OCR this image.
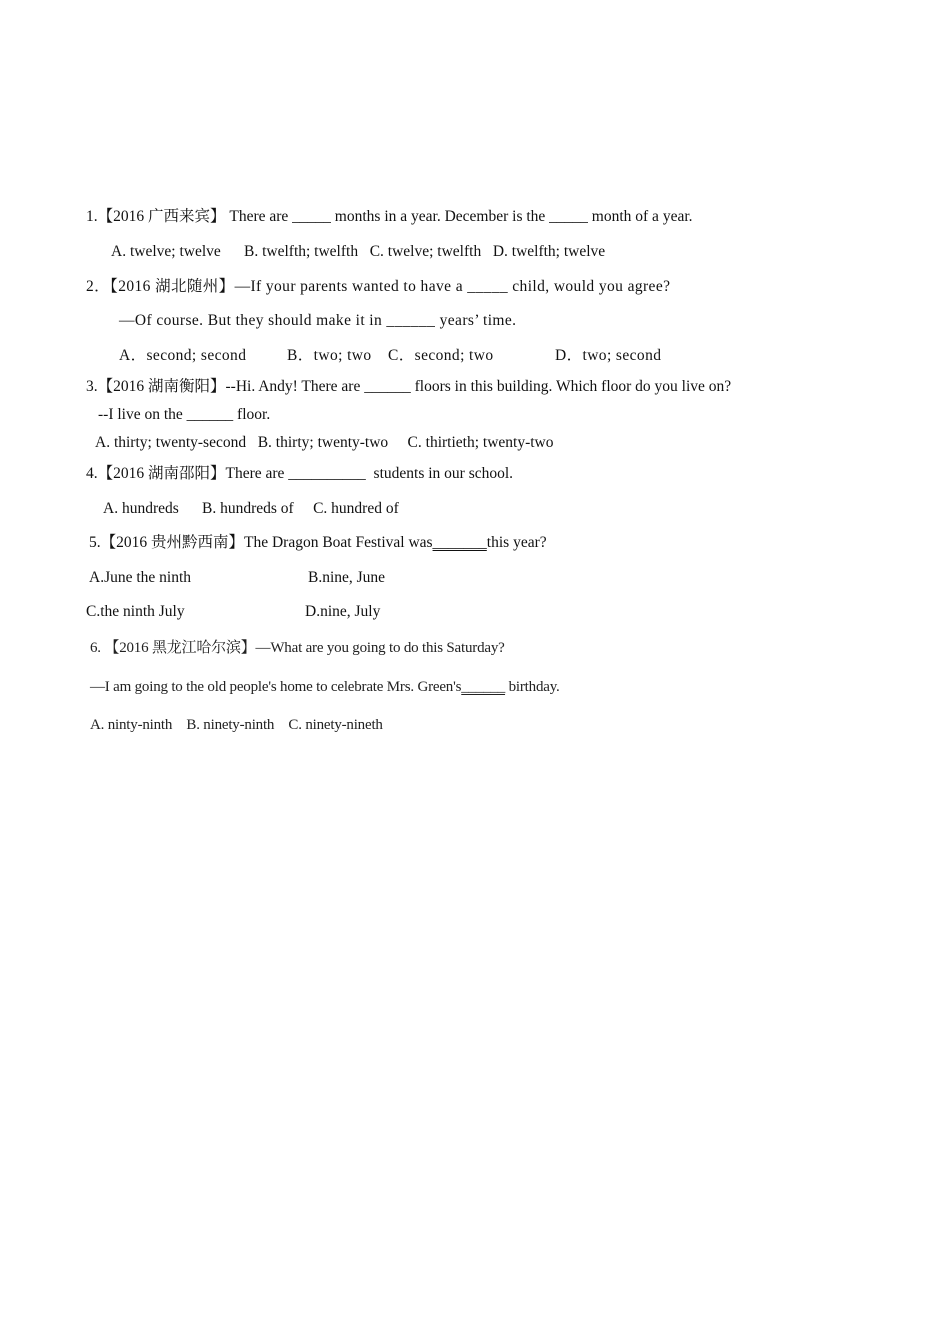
1.【2016 广西来宾】 There are _____ months in a year. December is the _____ month of a year.
A. twelve; twelve      B. twelfth; twelfth   C. twelve; twelfth   D. twelfth; twelve
2．【2016 湖北随州】—If your parents wanted to have a _____ child, would you agree?
—Of course. But they should make it in ______ years’ time.
A．second; second	B．two; two C．second; two	D．two; second
3.【2016 湖南衡阳】--Hi. Andy! There are ______ floors in this building. Which floor do you live on?
--I live on the ______ floor.
A. thirty; twenty-second   B. thirty; twenty-two     C. thirtieth; twenty-two
4.【2016 湖南邵阳】There are __________  students in our school.
A. hundreds      B. hundreds of     C. hundred of
5.【2016 贵州黔西南】The Dragon Boat Festival was_______this year?
A.June the ninth	B.nine, June
C.the ninth July	D.nine, July
6. 【2016 黑龙江哈尔滨】—What are you going to do this Saturday?
—I am going to the old people's home to celebrate Mrs. Green's______ birthday.
A. ninty-ninth    B. ninety-ninth    C. ninety-nineth
